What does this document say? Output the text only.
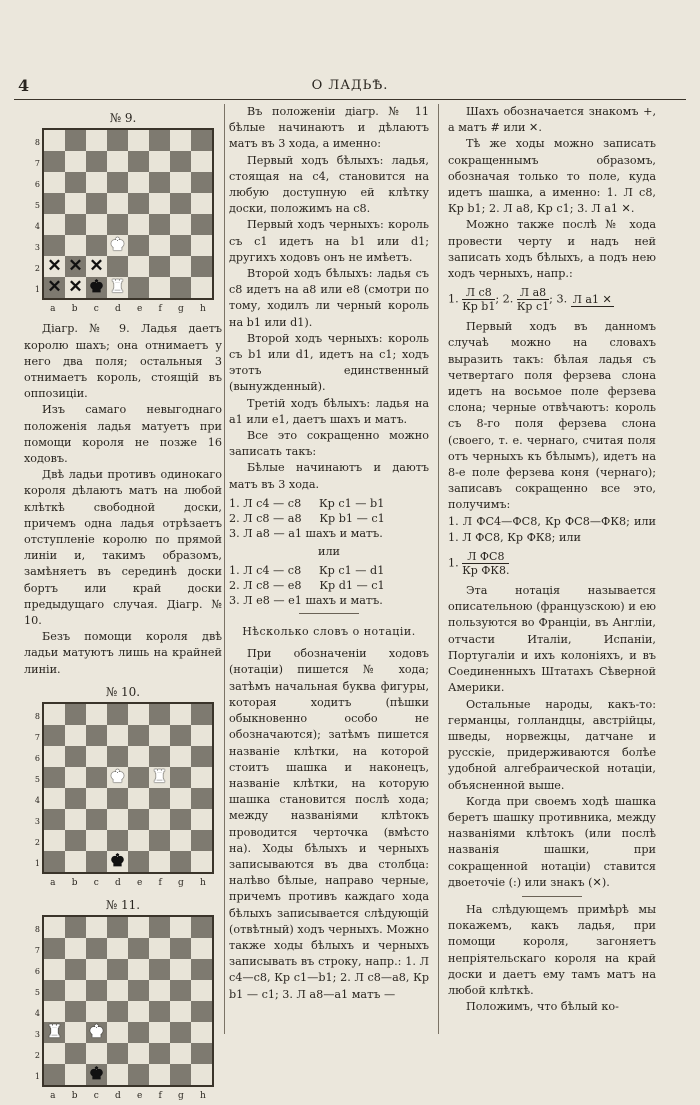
4	О ЛАДЬѢ.
№ 9.
8
7
6
5
4
3
2
1
♚
♜
✕ ✕ ✕
✕ ✕ ♚
a b c d e f g h

Діагр. № 9. Ладья даетъ королю шахъ; она отнимаетъ у него два поля; остальныя 3 отнимаетъ король, стоящій въ оппозиціи.

Изъ самаго невыгоднаго положенія ладья матуетъ при помощи короля не позже 16 ходовъ.

Двѣ ладьи противъ одинокаго короля дѣлаютъ матъ на любой клѣткѣ свободной доски, причемъ одна ладья отрѣзаетъ отступленіе королю по прямой линіи и, такимъ образомъ, замѣняетъ въ серединѣ доски бортъ или край доски предыдущаго случая. Діагр. № 10.

Безъ помощи короля двѣ ладьи матуютъ лишь на крайней линіи.

№ 10.
8
7
6
5
4
3
2
1
♚ ♜
♚
a b c d e f g h
№ 11.
8
7
6
5
4
3
2
1
♜ ♚
♚
a b c d e f g h

Въ положеніи діагр. № 11 бѣлые начинаютъ и дѣлаютъ матъ въ 3 хода, а именно:

Первый ходъ бѣлыхъ: ладья, стоящая на c4, становится на любую доступную ей клѣтку доски, положимъ на c8.

Первый ходъ черныхъ: король съ c1 идетъ на b1 или d1; другихъ ходовъ онъ не имѣетъ.

Второй ходъ бѣлыхъ: ладья съ c8 идетъ на a8 или e8 (смотри по тому, ходилъ ли черный король на b1 или d1).

Второй ходъ черныхъ: король съ b1 или d1, идетъ на c1; ходъ этотъ единственный (вынужденный).

Третій ходъ бѣлыхъ: ладья на a1 или e1, даетъ шахъ и матъ.

Все это сокращенно можно записать такъ:

Бѣлые начинаютъ и даютъ матъ въ 3 хода.

1. Л c4 — c8     Кр c1 — b1
2. Л c8 — a8     Кр b1 — c1
3. Л a8 — a1 шахъ и матъ.
или
1. Л c4 — c8     Кр c1 — d1
2. Л c8 — e8     Кр d1 — c1
3. Л e8 — e1 шахъ и матъ.
Нѣсколько словъ о нотаціи.

При обозначеніи ходовъ (нотаціи) пишется № хода; затѣмъ начальная буква фигуры, которая ходитъ (пѣшки обыкновенно особо не обозначаются); затѣмъ пишется названіе клѣтки, на которой стоитъ шашка и наконецъ, названіе клѣтки, на которую шашка становится послѣ хода; между названіями клѣтокъ проводится черточка (вмѣсто на). Ходы бѣлыхъ и черныхъ записываются въ два столбца: налѣво бѣлые, направо черные, причемъ противъ каждаго хода бѣлыхъ записывается слѣдующій (отвѣтный) ходъ черныхъ. Можно также ходы бѣлыхъ и черныхъ записывать въ строку, напр.: 1. Л c4—c8, Кр c1—b1; 2. Л c8—a8, Кр b1 — c1; 3. Л a8—a1 матъ —

Шахъ обозначается знакомъ +, а матъ # или ✕.

Тѣ же ходы можно записать сокращеннымъ образомъ, обозначая только то поле, куда идетъ шашка, а именно: 1. Л c8, Кр b1; 2. Л a8, Кр c1; 3. Л a1 ✕.

Можно также послѣ № хода провести черту и надъ ней записать ходъ бѣлыхъ, а подъ нею ходъ черныхъ, напр.:

1. $\frac{\text{Л c8}}{\text{Кр b1}}$ ; 2. $\frac{\text{Л a8}}{\text{Кр c1}}$ ; 3. Л a1 ✕

Первый ходъ въ данномъ случаѣ можно на словахъ выразить такъ: бѣлая ладья съ четвертаго поля ферзева слона идетъ на восьмое поле ферзева слона; черные отвѣчаютъ: король съ 8-го поля ферзева слона (своего, т. е. чернаго, считая поля отъ черныхъ къ бѣлымъ), идетъ на 8-е поле ферзева коня (чернаго); записавъ сокращенно все это, получимъ:

1. Л ФС4—ФС8, Кр ФС8—ФК8; или 1. Л ФС8, Кр ФК8; или

1. $\frac{\text{Л ФС8}}{\text{Кр ФК8.}}$

Эта нотація называется описательною (французскою) и ею пользуются во Франціи, въ Англіи, отчасти Италіи, Испаніи, Португаліи и ихъ колоніяхъ, и въ Соединенныхъ Штатахъ Сѣверной Америки.

Остальные народы, какъ-то: германцы, голландцы, австрійцы, шведы, норвежцы, датчане и русскіе, придерживаются болѣе удобной алгебраической нотаціи, объясненной выше.

Когда при своемъ ходѣ шашка беретъ шашку противника, между названіями клѣтокъ (или послѣ названія шашки, при сокращенной нотаціи) ставится двоеточіе (:) или знакъ (✕).

На слѣдующемъ примѣрѣ мы покажемъ, какъ ладья, при помощи короля, загоняетъ непріятельскаго короля на край доски и даетъ ему тамъ матъ на любой клѣткѣ.

Положимъ, что бѣлый ко-
